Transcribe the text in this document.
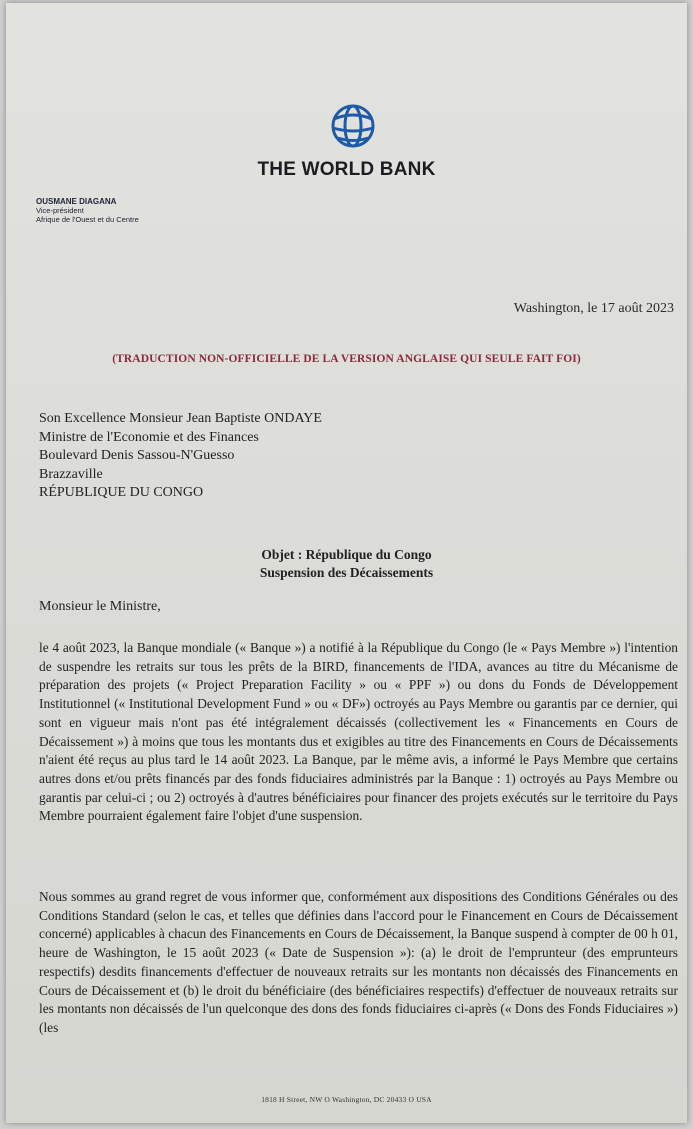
THE WORLD BANK
OUSMANE DIAGANA
Vice-président
Afrique de l'Ouest et du Centre
Washington, le 17 août 2023
(TRADUCTION NON-OFFICIELLE DE LA VERSION ANGLAISE QUI SEULE FAIT FOI)
Son Excellence Monsieur Jean Baptiste ONDAYE
Ministre de l'Economie et des Finances
Boulevard Denis Sassou-N'Guesso
Brazzaville
RÉPUBLIQUE DU CONGO
Objet : République du Congo
Suspension des Décaissements
Monsieur le Ministre,

le 4 août 2023, la Banque mondiale (« Banque ») a notifié à la République du Congo (le « Pays Membre ») l'intention de suspendre les retraits sur tous les prêts de la BIRD, financements de l'IDA, avances au titre du Mécanisme de préparation des projets (« Project Preparation Facility » ou « PPF ») ou dons du Fonds de Développement Institutionnel (« Institutional Development Fund » ou « DF») octroyés au Pays Membre ou garantis par ce dernier, qui sont en vigueur mais n'ont pas été intégralement décaissés (collectivement les « Financements en Cours de Décaissement ») à moins que tous les montants dus et exigibles au titre des Financements en Cours de Décaissements n'aient été reçus au plus tard le 14 août 2023. La Banque, par le même avis, a informé le Pays Membre que certains autres dons et/ou prêts financés par des fonds fiduciaires administrés par la Banque : 1) octroyés au Pays Membre ou garantis par celui-ci ; ou 2) octroyés à d'autres bénéficiaires pour financer des projets exécutés sur le territoire du Pays Membre pourraient également faire l'objet d'une suspension.

Nous sommes au grand regret de vous informer que, conformément aux dispositions des Conditions Générales ou des Conditions Standard (selon le cas, et telles que définies dans l'accord pour le Financement en Cours de Décaissement concerné) applicables à chacun des Financements en Cours de Décaissement, la Banque suspend à compter de 00 h 01, heure de Washington, le 15 août 2023 (« Date de Suspension »): (a) le droit de l'emprunteur (des emprunteurs respectifs) desdits financements d'effectuer de nouveaux retraits sur les montants non décaissés des Financements en Cours de Décaissement et (b) le droit du bénéficiaire (des bénéficiaires respectifs) d'effectuer de nouveaux retraits sur les montants non décaissés de l'un quelconque des dons des fonds fiduciaires ci-après (« Dons des Fonds Fiduciaires ») (les

1818 H Street, NW O Washington, DC 20433 O USA
